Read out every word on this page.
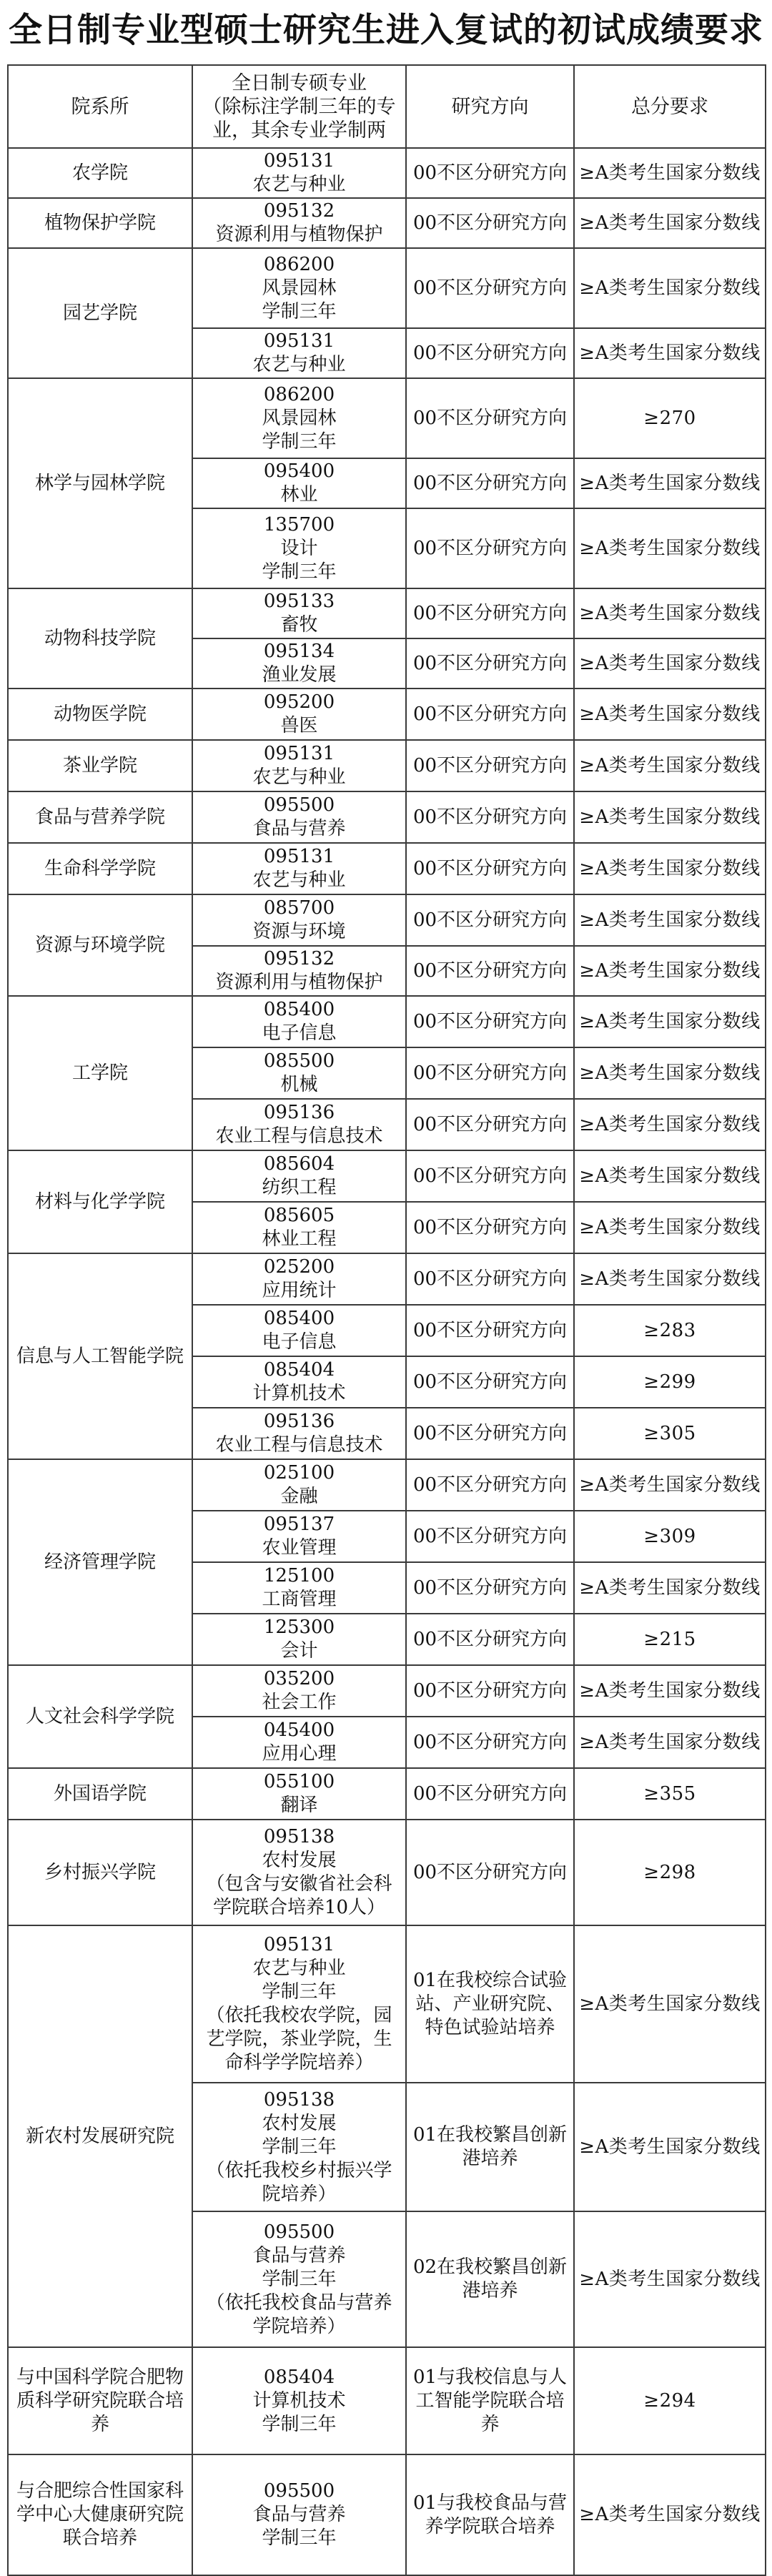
全日制专业型硕士研究生进入复试的初试成绩要求
院系所	全日制专硕专业
（除标注学制三年的专
业，其余专业学制两	研究方向	总分要求
农学院	095131
农艺与种业	00不区分研究方向	≥A类考生国家分数线
植物保护学院	095132
资源利用与植物保护	00不区分研究方向	≥A类考生国家分数线
园艺学院	086200
风景园林
学制三年	00不区分研究方向	≥A类考生国家分数线

	095131
农艺与种业	00不区分研究方向	≥A类考生国家分数线
林学与园林学院	086200
风景园林
学制三年	00不区分研究方向	≥270

	095400
林业	00不区分研究方向	≥A类考生国家分数线

	135700
设计
学制三年	00不区分研究方向	≥A类考生国家分数线
动物科技学院	095133
畜牧	00不区分研究方向	≥A类考生国家分数线

	095134
渔业发展	00不区分研究方向	≥A类考生国家分数线
动物医学院	095200
兽医	00不区分研究方向	≥A类考生国家分数线
茶业学院	095131
农艺与种业	00不区分研究方向	≥A类考生国家分数线
食品与营养学院	095500
食品与营养	00不区分研究方向	≥A类考生国家分数线
生命科学学院	095131
农艺与种业	00不区分研究方向	≥A类考生国家分数线
资源与环境学院	085700
资源与环境	00不区分研究方向	≥A类考生国家分数线

	095132
资源利用与植物保护	00不区分研究方向	≥A类考生国家分数线
工学院	085400
电子信息	00不区分研究方向	≥A类考生国家分数线

	085500
机械	00不区分研究方向	≥A类考生国家分数线

	095136
农业工程与信息技术	00不区分研究方向	≥A类考生国家分数线
材料与化学学院	085604
纺织工程	00不区分研究方向	≥A类考生国家分数线

	085605
林业工程	00不区分研究方向	≥A类考生国家分数线
信息与人工智能学院	025200
应用统计	00不区分研究方向	≥A类考生国家分数线

	085400
电子信息	00不区分研究方向	≥283

	085404
计算机技术	00不区分研究方向	≥299

	095136
农业工程与信息技术	00不区分研究方向	≥305
经济管理学院	025100
金融	00不区分研究方向	≥A类考生国家分数线

	095137
农业管理	00不区分研究方向	≥309

	125100
工商管理	00不区分研究方向	≥A类考生国家分数线

	125300
会计	00不区分研究方向	≥215
人文社会科学学院	035200
社会工作	00不区分研究方向	≥A类考生国家分数线

	045400
应用心理	00不区分研究方向	≥A类考生国家分数线
外国语学院	055100
翻译	00不区分研究方向	≥355
乡村振兴学院	095138
农村发展
（包含与安徽省社会科学院联合培养10人）	00不区分研究方向	≥298
新农村发展研究院	095131
农艺与种业
学制三年
（依托我校农学院，园艺学院，茶业学院，生命科学学院培养）	01在我校综合试验站、产业研究院、特色试验站培养	≥A类考生国家分数线

	095138
农村发展
学制三年
（依托我校乡村振兴学院培养）	01在我校繁昌创新港培养	≥A类考生国家分数线

	095500
食品与营养
学制三年
（依托我校食品与营养学院培养）	02在我校繁昌创新港培养	≥A类考生国家分数线
与中国科学院合肥物质科学研究院联合培养	085404
计算机技术
学制三年	01与我校信息与人工智能学院联合培养	≥294
与合肥综合性国家科学中心大健康研究院联合培养	095500
食品与营养
学制三年	01与我校食品与营养学院联合培养	≥A类考生国家分数线
